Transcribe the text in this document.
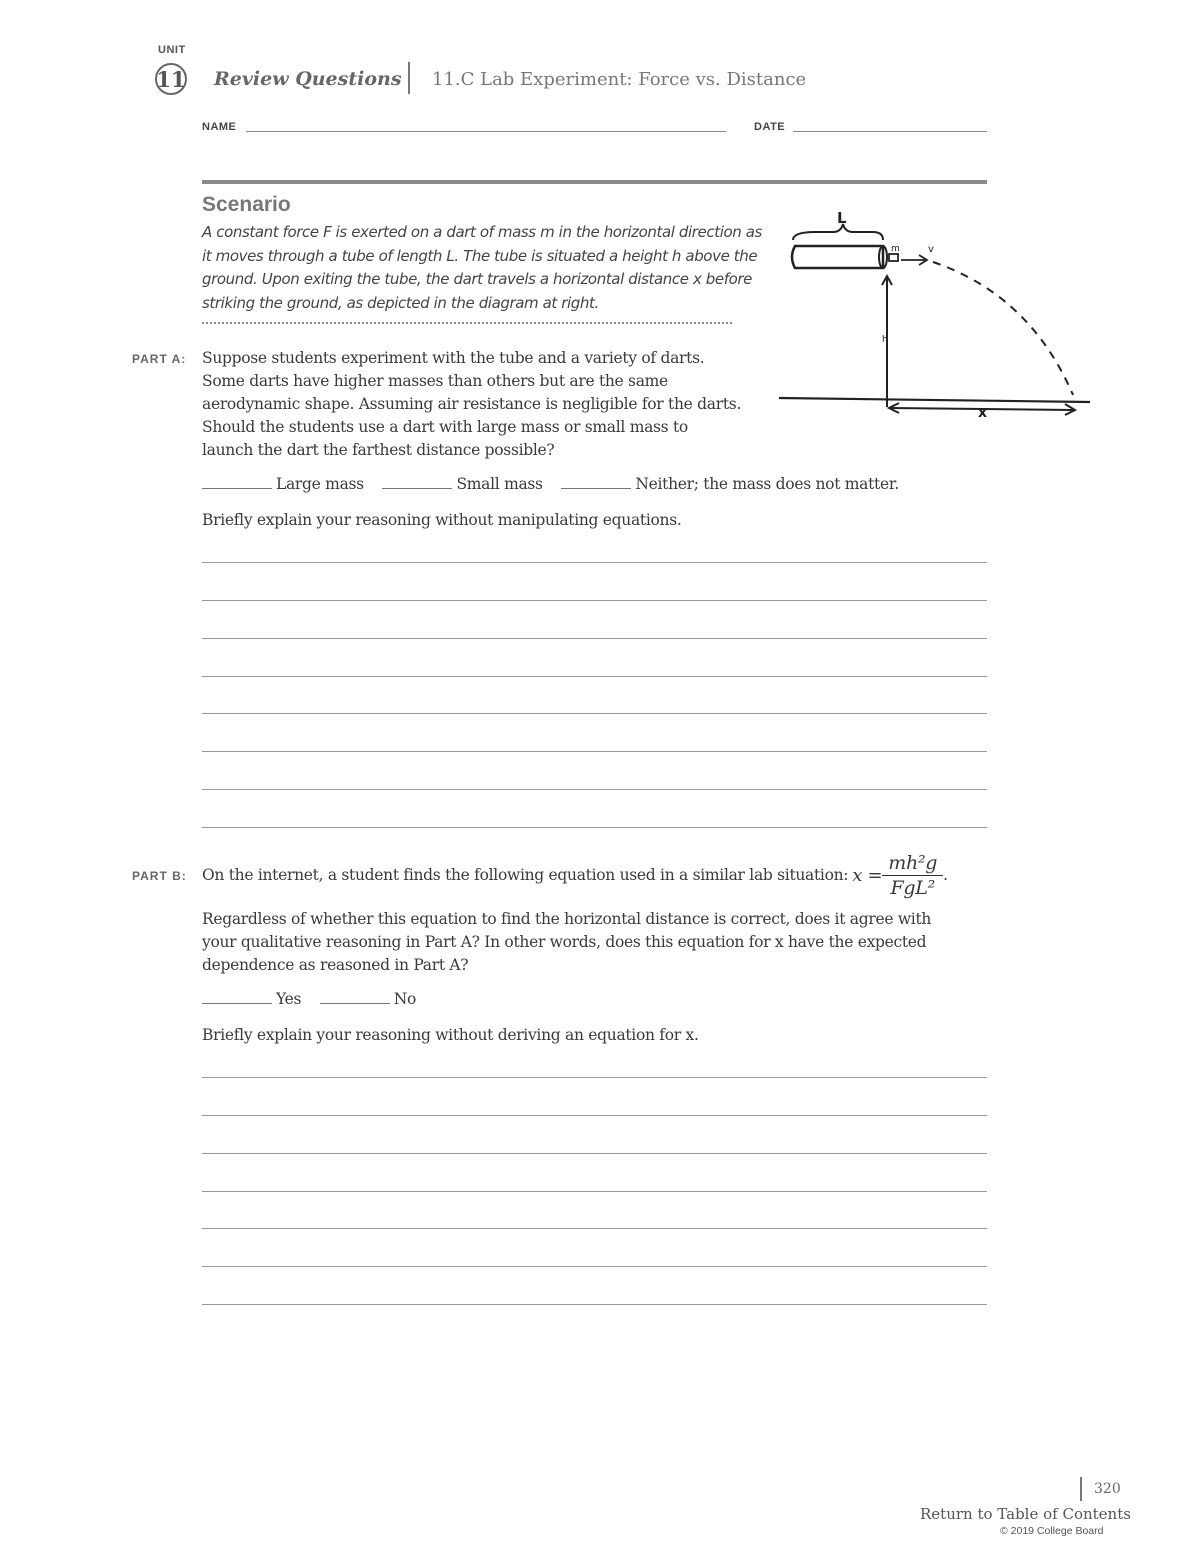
UNIT
11 Review Questions 11.C Lab Experiment: Force vs. Distance
NAME	DATE
Scenario
A constant force F is exerted on a dart of mass m in the horizontal direction as it moves through a tube of length L. The tube is situated a height h above the ground. Upon exiting the tube, the dart travels a horizontal distance x before striking the ground, as depicted in the diagram at right.
L
m	v
h
x
PART A: Suppose students experiment with the tube and a variety of darts. Some darts have higher masses than others but are the same aerodynamic shape. Assuming air resistance is negligible for the darts. Should the students use a dart with large mass or small mass to launch the dart the farthest distance possible?
Large mass	Small mass	Neither; the mass does not matter.
Briefly explain your reasoning without manipulating equations.
PART B: On the internet, a student finds the following equation used in a similar lab situation: $x = \frac{\text{mh²g}}{\text{FgL²}}$ .
Regardless of whether this equation to find the horizontal distance is correct, does it agree with your qualitative reasoning in Part A? In other words, does this equation for x have the expected dependence as reasoned in Part A?
Yes	No
Briefly explain your reasoning without deriving an equation for x.
320
Return to Table of Contents
© 2019 College Board
